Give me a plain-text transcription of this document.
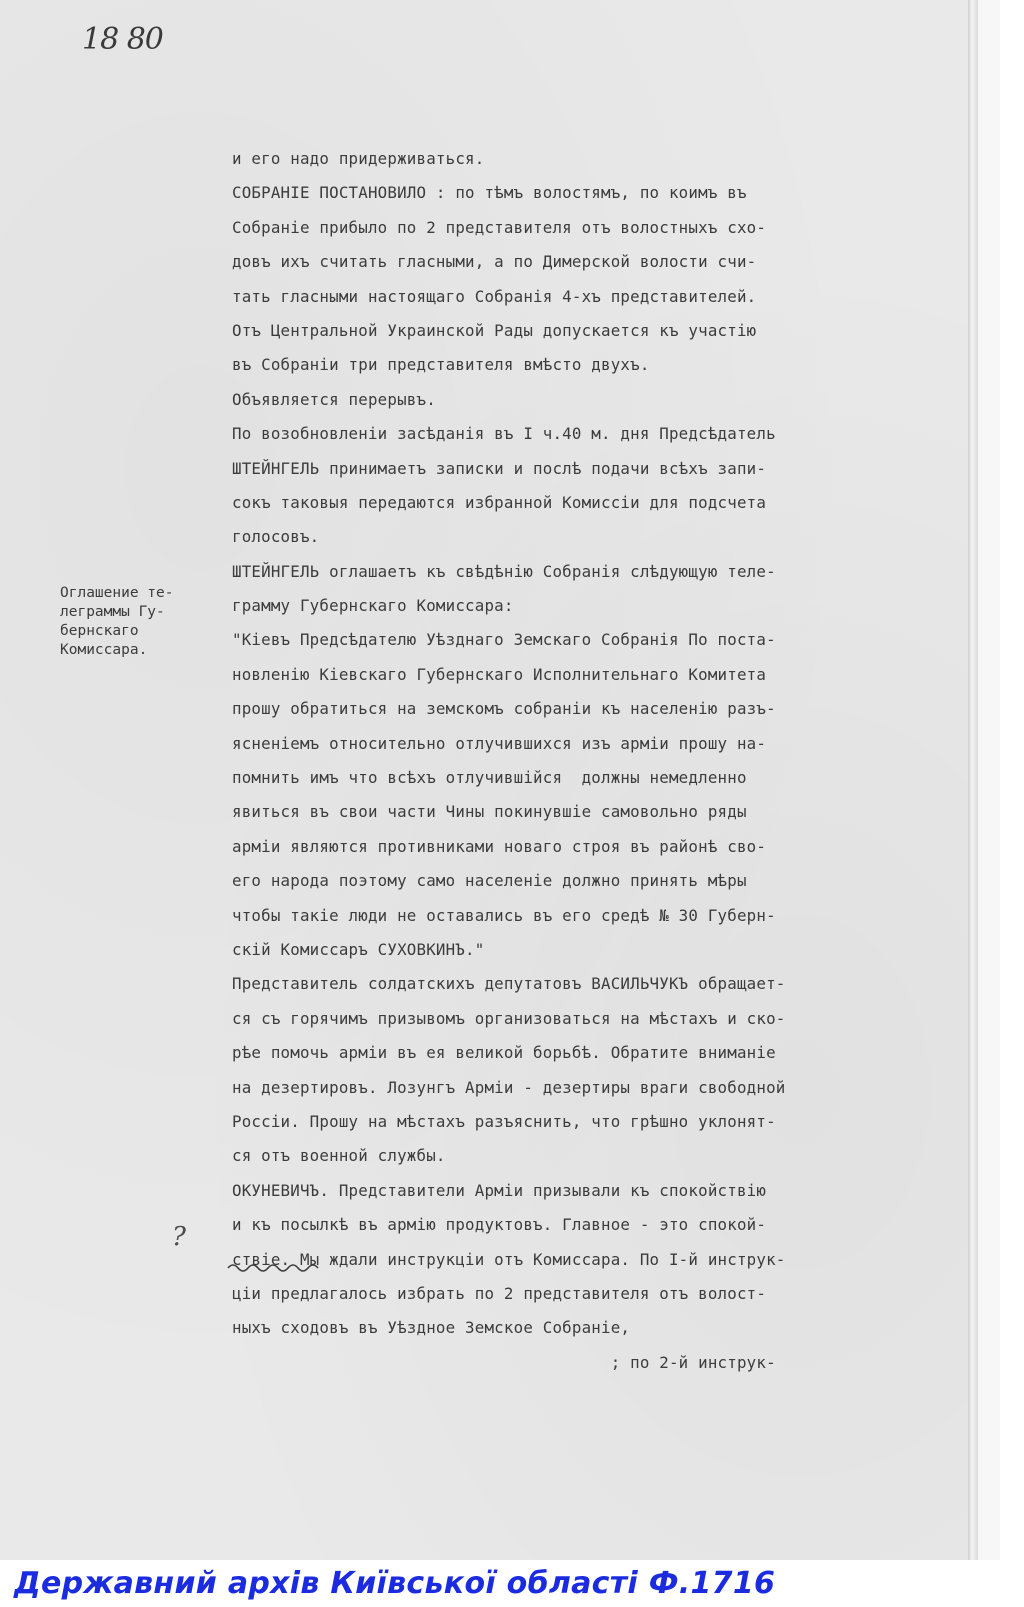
18 80
Оглашение те-
леграммы Гу-
бернскаго
Комиссара.
?
и его надо придерживаться.
СОБРАНІЕ ПОСТАНОВИЛО : по тѣмъ волостямъ, по коимъ въ
Собраніе прибыло по 2 представителя отъ волостныхъ схо-
довъ ихъ считать гласными, а по Димерской волости счи-
тать гласными настоящаго Собранія 4-хъ представителей.
Отъ Центральной Украинской Рады допускается къ участію
въ Собраніи три представителя вмѣсто двухъ.
Объявляется перерывъ.
По возобновленіи засѣданія въ I ч.40 м. дня Предсѣдатель
ШТЕЙНГЕЛЬ принимаетъ записки и послѣ подачи всѣхъ запи-
сокъ таковыя передаются избранной Комиссіи для подсчета
голосовъ.
ШТЕЙНГЕЛЬ оглашаетъ къ свѣдѣнію Собранія слѣдующую теле-
грамму Губернскаго Комиссара:
"Кіевъ Предсѣдателю Уѣзднаго Земскаго Собранія По поста-
новленію Кіевскаго Губернскаго Исполнительнаго Комитета
прошу обратиться на земскомъ собраніи къ населенію разъ-
ясненіемъ относительно отлучившихся изъ арміи прошу на-
помнить имъ что всѣхъ отлучившійся  должны немедленно
явиться въ свои части Чины покинувшіе самовольно ряды
арміи являются противниками новаго строя въ районѣ сво-
его народа поэтому само населеніе должно принять мѣры
чтобы такіе люди не оставались въ его средѣ № 30 Губерн-
скій Комиссаръ СУХОВКИНЪ."
Представитель солдатскихъ депутатовъ ВАСИЛЬЧУКЪ обращает-
ся съ горячимъ призывомъ организоваться на мѣстахъ и ско-
рѣе помочь арміи въ ея великой борьбѣ. Обратите вниманіе
на дезертировъ. Лозунгъ Арміи - дезертиры враги свободной
Россіи. Прошу на мѣстахъ разъяснить, что грѣшно уклонят-
ся отъ военной службы.
ОКУНЕВИЧЪ. Представители Арміи призывали къ спокойствію
и къ посылкѣ въ армію продуктовъ. Главное - это спокой-
ствіе. Мы ждали инструкціи отъ Комиссара. По I-й инструк-
ціи предлагалось избрать по 2 представителя отъ волост-
ныхъ сходовъ въ Уѣздное Земское Собраніе,
; по 2-й инструк-
Державний архів Київської області Ф.1716
